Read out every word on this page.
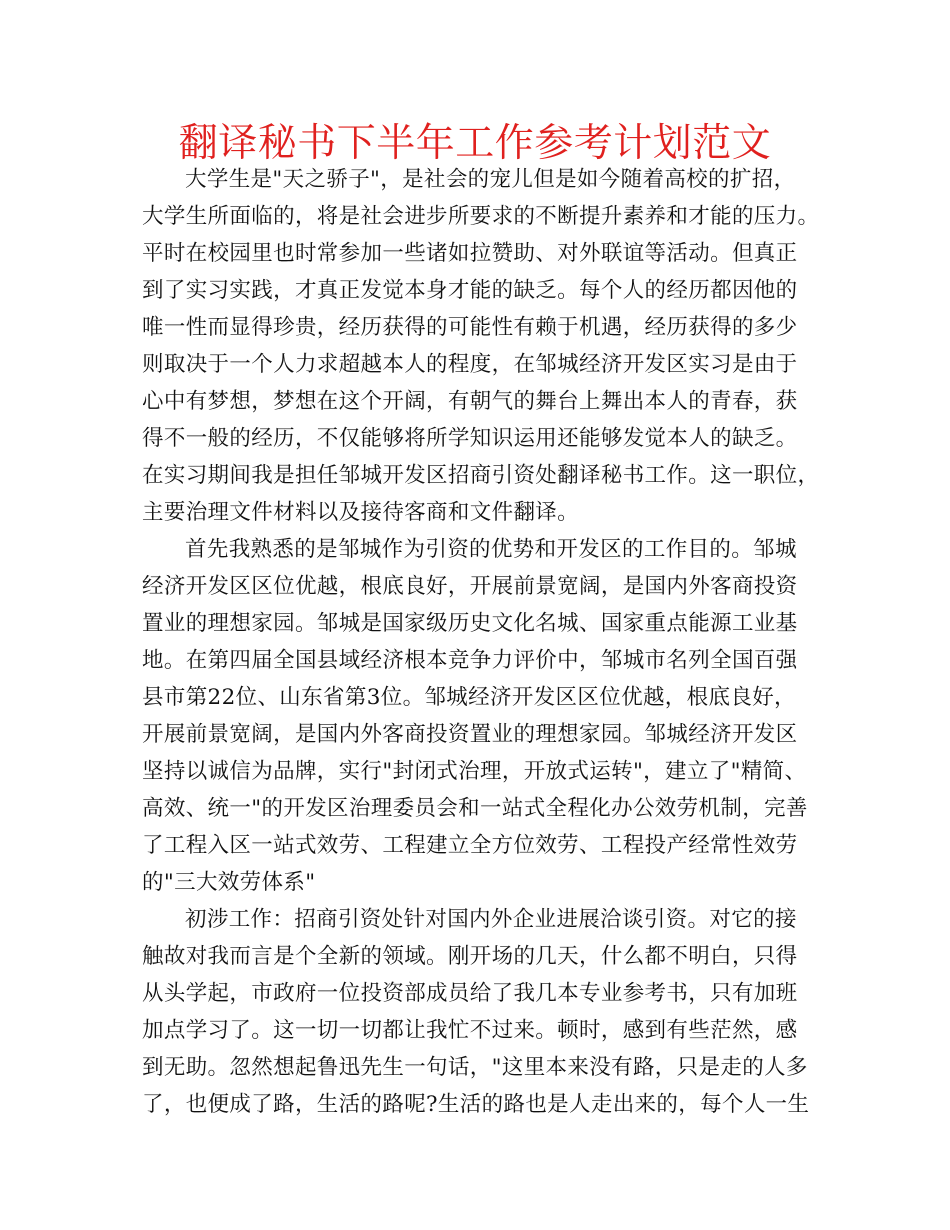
翻译秘书下半年工作参考计划范文
大学生是"天之骄子"，是社会的宠儿但是如今随着高校的扩招，
大学生所面临的，将是社会进步所要求的不断提升素养和才能的压力。
平时在校园里也时常参加一些诸如拉赞助、对外联谊等活动。但真正
到了实习实践，才真正发觉本身才能的缺乏。每个人的经历都因他的
唯一性而显得珍贵，经历获得的可能性有赖于机遇，经历获得的多少
则取决于一个人力求超越本人的程度，在邹城经济开发区实习是由于
心中有梦想，梦想在这个开阔，有朝气的舞台上舞出本人的青春，获
得不一般的经历，不仅能够将所学知识运用还能够发觉本人的缺乏。
在实习期间我是担任邹城开发区招商引资处翻译秘书工作。这一职位，
主要治理文件材料以及接待客商和文件翻译。
首先我熟悉的是邹城作为引资的优势和开发区的工作目的。邹城
经济开发区区位优越，根底良好，开展前景宽阔，是国内外客商投资
置业的理想家园。邹城是国家级历史文化名城、国家重点能源工业基
地。在第四届全国县域经济根本竞争力评价中，邹城市名列全国百强
县市第22位、山东省第3位。邹城经济开发区区位优越，根底良好，
开展前景宽阔，是国内外客商投资置业的理想家园。邹城经济开发区
坚持以诚信为品牌，实行"封闭式治理，开放式运转"，建立了"精简、
高效、统一"的开发区治理委员会和一站式全程化办公效劳机制，完善
了工程入区一站式效劳、工程建立全方位效劳、工程投产经常性效劳
的"三大效劳体系"
初涉工作：招商引资处针对国内外企业进展洽谈引资。对它的接
触故对我而言是个全新的领域。刚开场的几天，什么都不明白，只得
从头学起，市政府一位投资部成员给了我几本专业参考书，只有加班
加点学习了。这一切一切都让我忙不过来。顿时，感到有些茫然，感
到无助。忽然想起鲁迅先生一句话，"这里本来没有路，只是走的人多
了，也便成了路，生活的路呢?生活的路也是人走出来的，每个人一生
